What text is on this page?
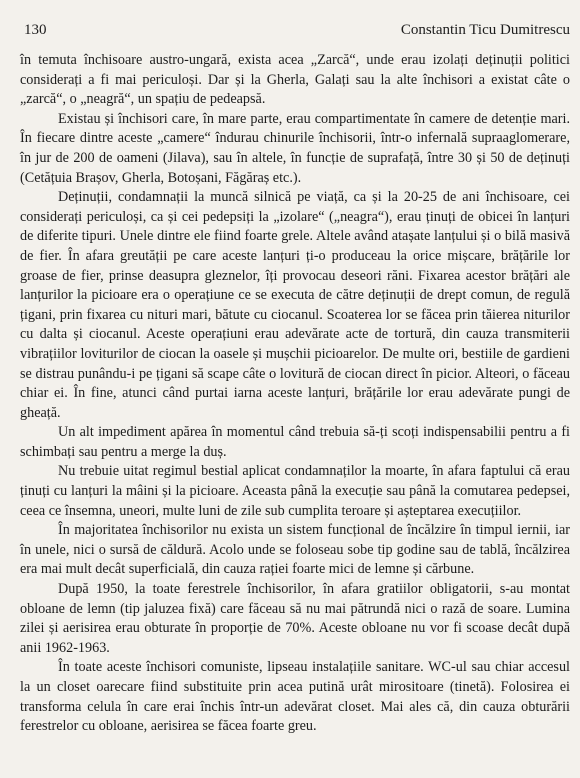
130	Constantin Ticu Dumitrescu

în temuta închisoare austro-ungară, exista acea „Zarcă“, unde erau izolați deținuții politici considerați a fi mai periculoși. Dar și la Gherla, Galați sau la alte închisori a existat câte o „zarcă“, o „neagră“, un spațiu de pedeapsă.

Existau și închisori care, în mare parte, erau compartimentate în camere de detenție mari. În fiecare dintre aceste „camere“ îndurau chinurile închisorii, într-o infernală supraaglomerare, în jur de 200 de oameni (Jilava), sau în altele, în funcție de suprafață, între 30 și 50 de deținuți (Cetățuia Brașov, Gherla, Botoșani, Făgăraș etc.).

Deținuții, condamnații la muncă silnică pe viață, ca și la 20-25 de ani închisoare, cei considerați periculoși, ca și cei pedepsiți la „izolare“ („neagra“), erau ținuți de obicei în lanțuri de diferite tipuri. Unele dintre ele fiind foarte grele. Altele având atașate lanțului și o bilă masivă de fier. În afara greutății pe care aceste lanțuri ți-o produceau la orice mișcare, brățările lor groase de fier, prinse deasupra gleznelor, îți provocau deseori răni. Fixarea acestor brățări ale lanțurilor la picioare era o operațiune ce se executa de către deținuții de drept comun, de regulă țigani, prin fixarea cu nituri mari, bătute cu ciocanul. Scoaterea lor se făcea prin tăierea niturilor cu dalta și ciocanul. Aceste operațiuni erau adevărate acte de tortură, din cauza transmiterii vibrațiilor loviturilor de ciocan la oasele și mușchii picioarelor. De multe ori, bestiile de gardieni se distrau punându-i pe țigani să scape câte o lovitură de ciocan direct în picior. Alteori, o făceau chiar ei. În fine, atunci când purtai iarna aceste lanțuri, brățările lor erau adevărate pungi de gheață.

Un alt impediment apărea în momentul când trebuia să-ți scoți indispensabilii pentru a fi schimbați sau pentru a merge la duș.

Nu trebuie uitat regimul bestial aplicat condamnaților la moarte, în afara faptului că erau ținuți cu lanțuri la mâini și la picioare. Aceasta până la execuție sau până la comutarea pedepsei, ceea ce însemna, uneori, multe luni de zile sub cumplita teroare și așteptarea execuțiilor.

În majoritatea închisorilor nu exista un sistem funcțional de încălzire în timpul iernii, iar în unele, nici o sursă de căldură. Acolo unde se foloseau sobe tip godine sau de tablă, încălzirea era mai mult decât superficială, din cauza rației foarte mici de lemne și cărbune.

După 1950, la toate ferestrele închisorilor, în afara gratiilor obligatorii, s-au montat obloane de lemn (tip jaluzea fixă) care făceau să nu mai pătrundă nici o rază de soare. Lumina zilei și aerisirea erau obturate în proporție de 70%. Aceste obloane nu vor fi scoase decât după anii 1962-1963.

În toate aceste închisori comuniste, lipseau instalațiile sanitare. WC-ul sau chiar accesul la un closet oarecare fiind substituite prin acea putină urât mirositoare (tinetă). Folosirea ei transforma celula în care erai închis într-un adevărat closet. Mai ales că, din cauza obturării ferestrelor cu obloane, aerisirea se făcea foarte greu.
